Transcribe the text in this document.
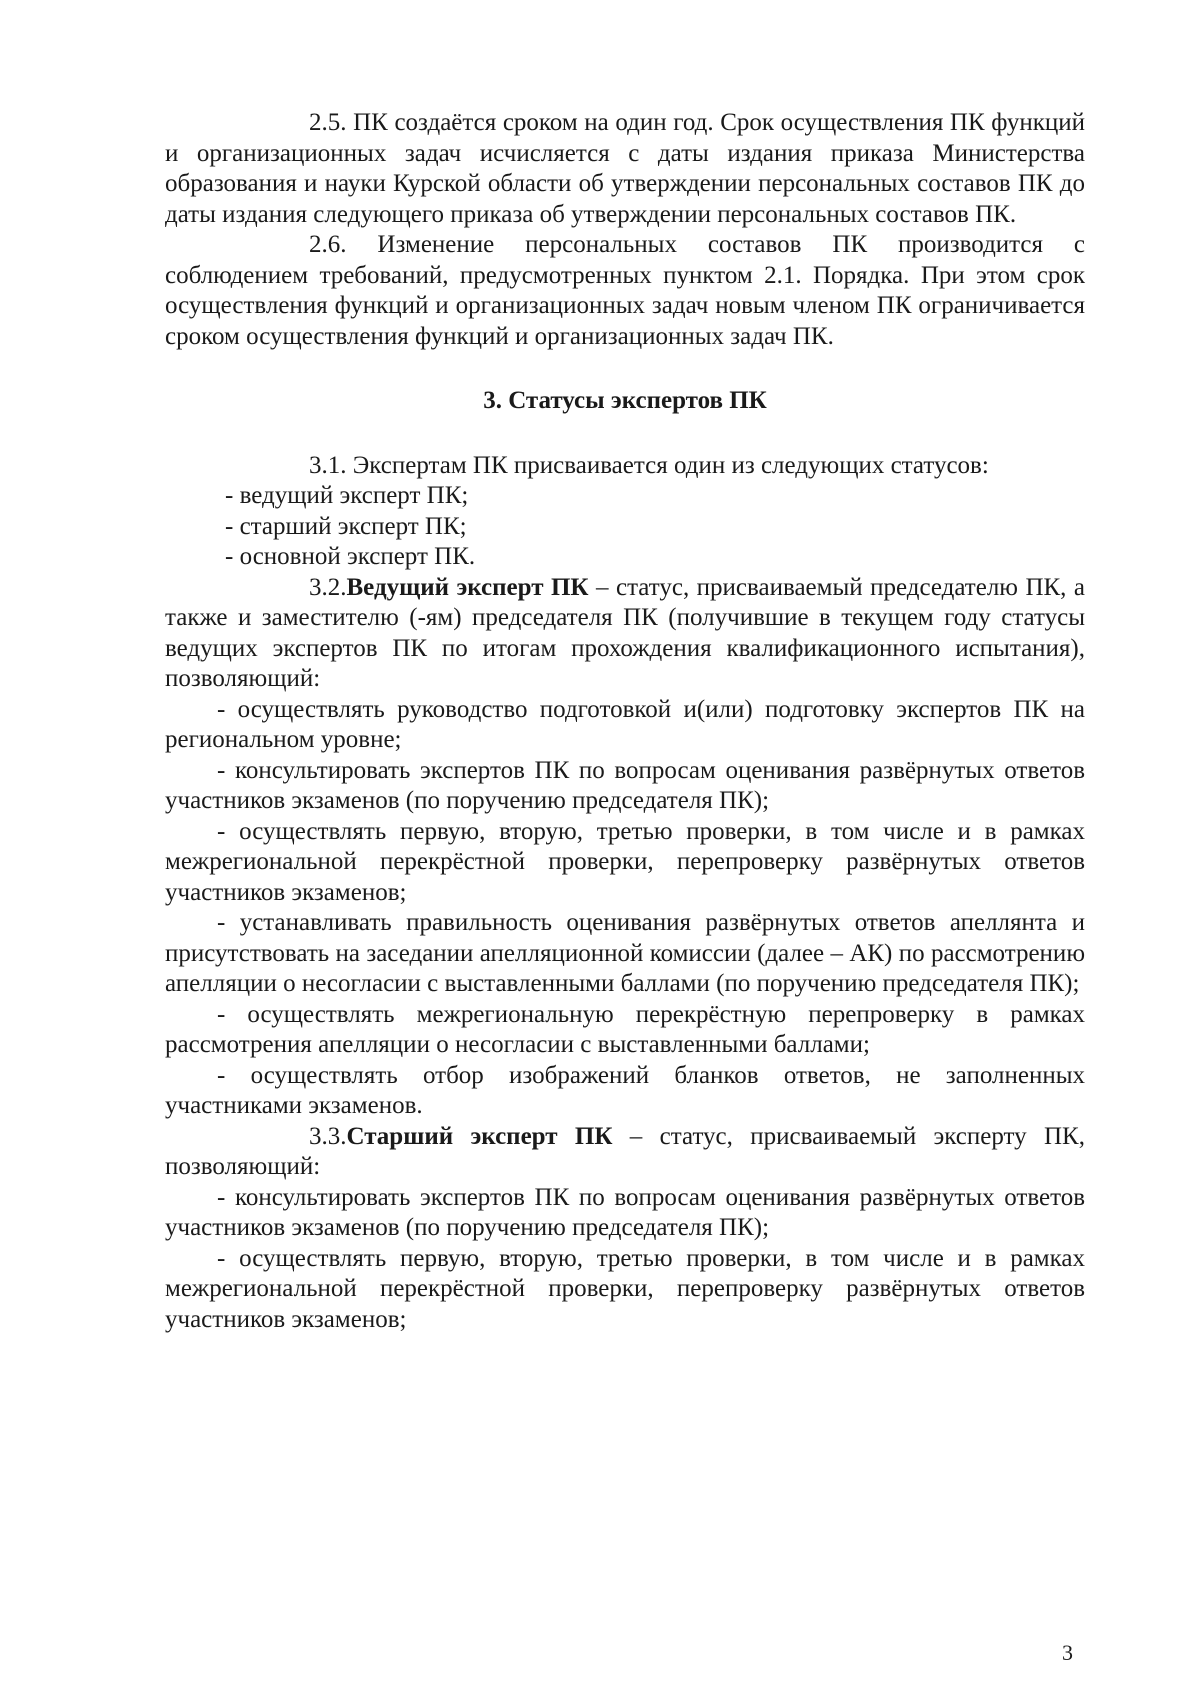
2.5. ПК создаётся сроком на один год. Срок осуществления ПК функций и организационных задач исчисляется с даты издания приказа Министерства образования и науки Курской области об утверждении персональных составов ПК до даты издания следующего приказа об утверждении персональных составов ПК.

2.6. Изменение персональных составов ПК производится с соблюдением требований, предусмотренных пунктом 2.1. Порядка. При этом срок осуществления функций и организационных задач новым членом ПК ограничивается сроком осуществления функций и организационных задач ПК.

3. Статусы экспертов ПК

3.1. Экспертам ПК присваивается один из следующих статусов:

- ведущий эксперт ПК;
- старший эксперт ПК;
- основной эксперт ПК.

3.2.Ведущий эксперт ПК – статус, присваиваемый председателю ПК, а также и заместителю (-ям) председателя ПК (получившие в текущем году статусы ведущих экспертов ПК по итогам прохождения квалификационного испытания), позволяющий:

- осуществлять руководство подготовкой и(или) подготовку экспертов ПК на региональном уровне;

- консультировать экспертов ПК по вопросам оценивания развёрнутых ответов участников экзаменов (по поручению председателя ПК);

- осуществлять первую, вторую, третью проверки, в том числе и в рамках межрегиональной перекрёстной проверки, перепроверку развёрнутых ответов участников экзаменов;

- устанавливать правильность оценивания развёрнутых ответов апеллянта и присутствовать на заседании апелляционной комиссии (далее – АК) по рассмотрению апелляции о несогласии с выставленными баллами (по поручению председателя ПК);

- осуществлять межрегиональную перекрёстную перепроверку в рамках рассмотрения апелляции о несогласии с выставленными баллами;

- осуществлять отбор изображений бланков ответов, не заполненных участниками экзаменов.

3.3.Старший эксперт ПК – статус, присваиваемый эксперту ПК, позволяющий:

- консультировать экспертов ПК по вопросам оценивания развёрнутых ответов участников экзаменов (по поручению председателя ПК);

- осуществлять первую, вторую, третью проверки, в том числе и в рамках межрегиональной перекрёстной проверки, перепроверку развёрнутых ответов участников экзаменов;

3
